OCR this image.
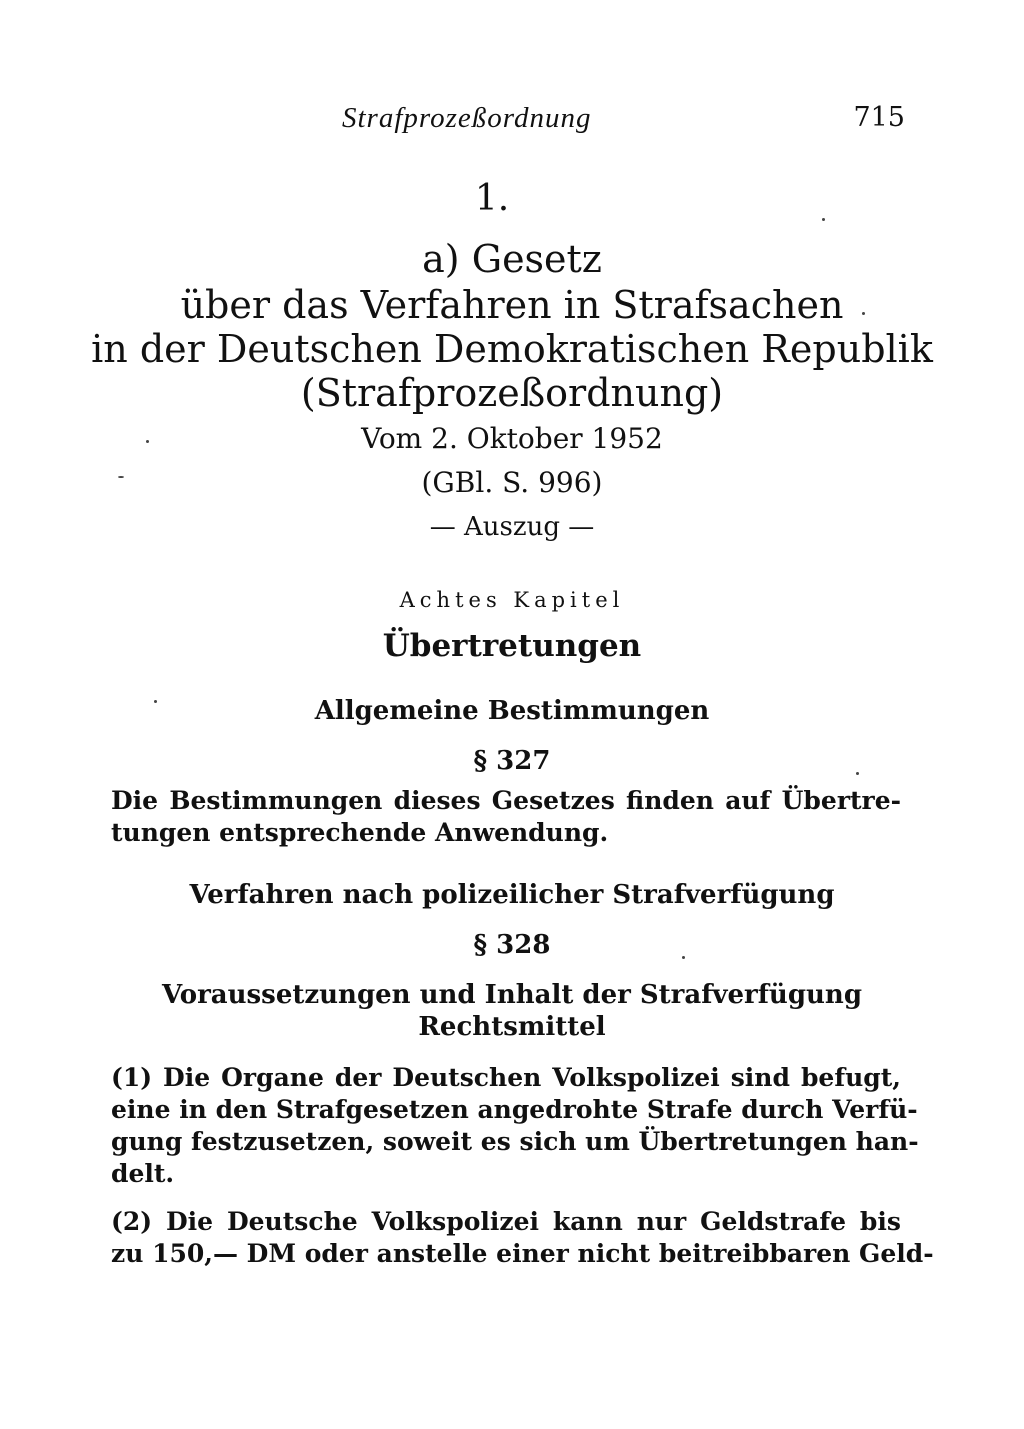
Strafprozeßordnung	715
1.
a) Gesetz
über das Verfahren in Strafsachen
in der Deutschen Demokratischen Republik
(Strafprozeßordnung)
Vom 2. Oktober 1952
(GBl. S. 996)
— Auszug —
Achtes Kapitel
Übertretungen
Allgemeine Bestimmungen
§ 327
Die Bestimmungen dieses Gesetzes finden auf Übertre-
tungen entsprechende Anwendung.
Verfahren nach polizeilicher Strafverfügung
§ 328
Voraussetzungen und Inhalt der Strafverfügung
Rechtsmittel
(1) Die Organe der Deutschen Volkspolizei sind befugt,
eine in den Strafgesetzen angedrohte Strafe durch Verfü-
gung festzusetzen, soweit es sich um Übertretungen han-
delt.
(2) Die Deutsche Volkspolizei kann nur Geldstrafe bis
zu 150,— DM oder anstelle einer nicht beitreibbaren Geld-
